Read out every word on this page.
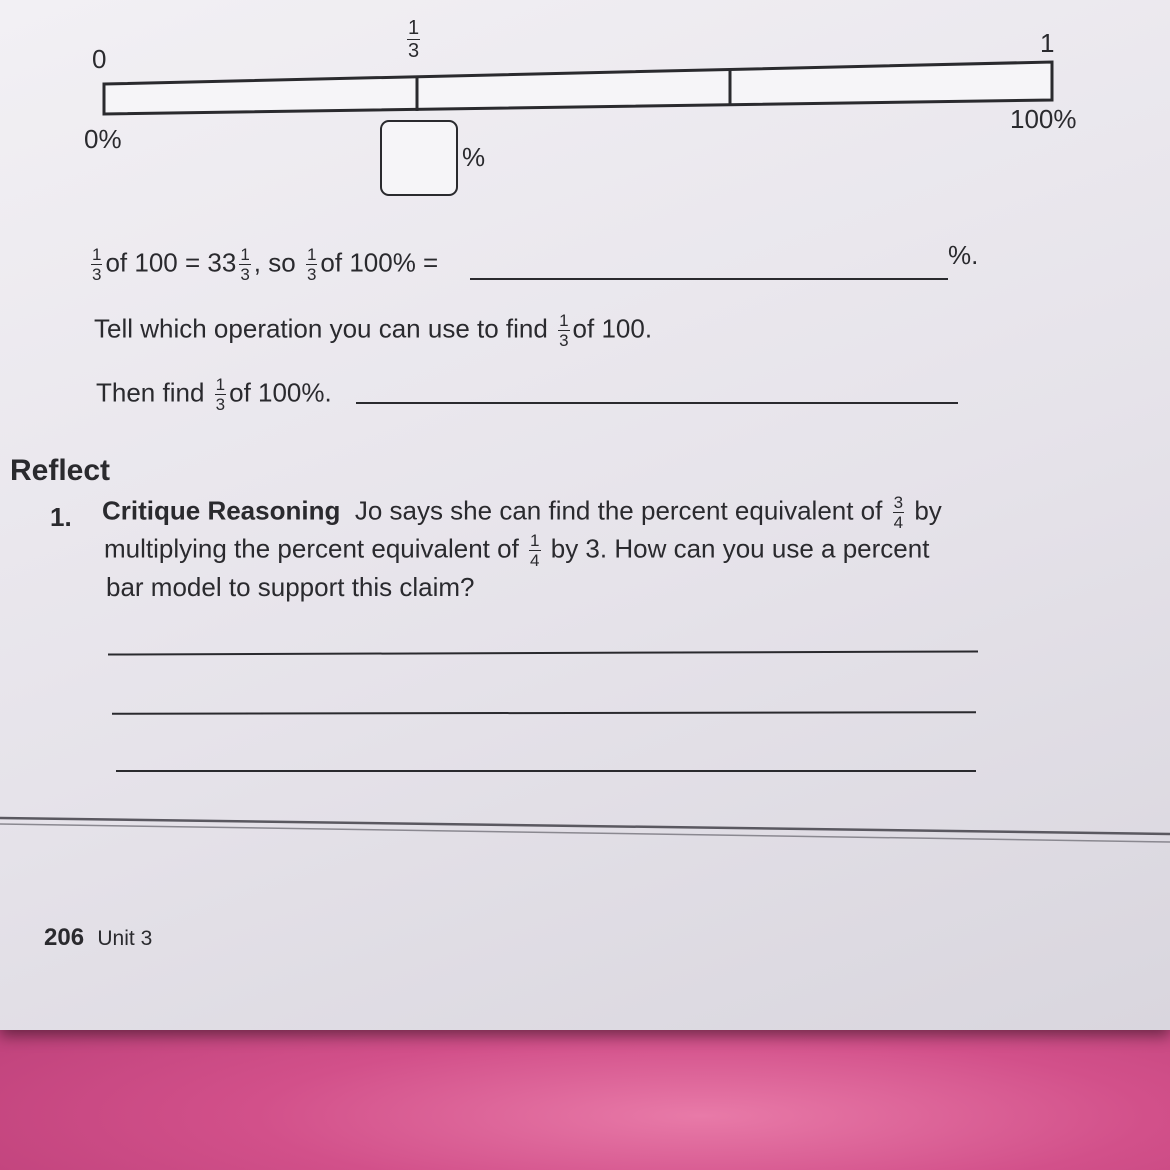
0	$\frac{1}{3}$	1
0%
100%
%
$\frac{1}{3}$ of $100 = 33 \frac{1}{3}$ , so $\frac{1}{3}$ of 100% =	%.
Tell which operation you can use to find $\frac{1}{3}$ of 100.
Then find $\frac{1}{3}$ of 100%.
Reflect
1. Critique Reasoning Jo says she can find the percent equivalent of $\frac{3}{4}$ by
multiplying the percent equivalent of $\frac{1}{4}$ by 3. How can you use a percent
bar model to support this claim?
206 Unit 3
